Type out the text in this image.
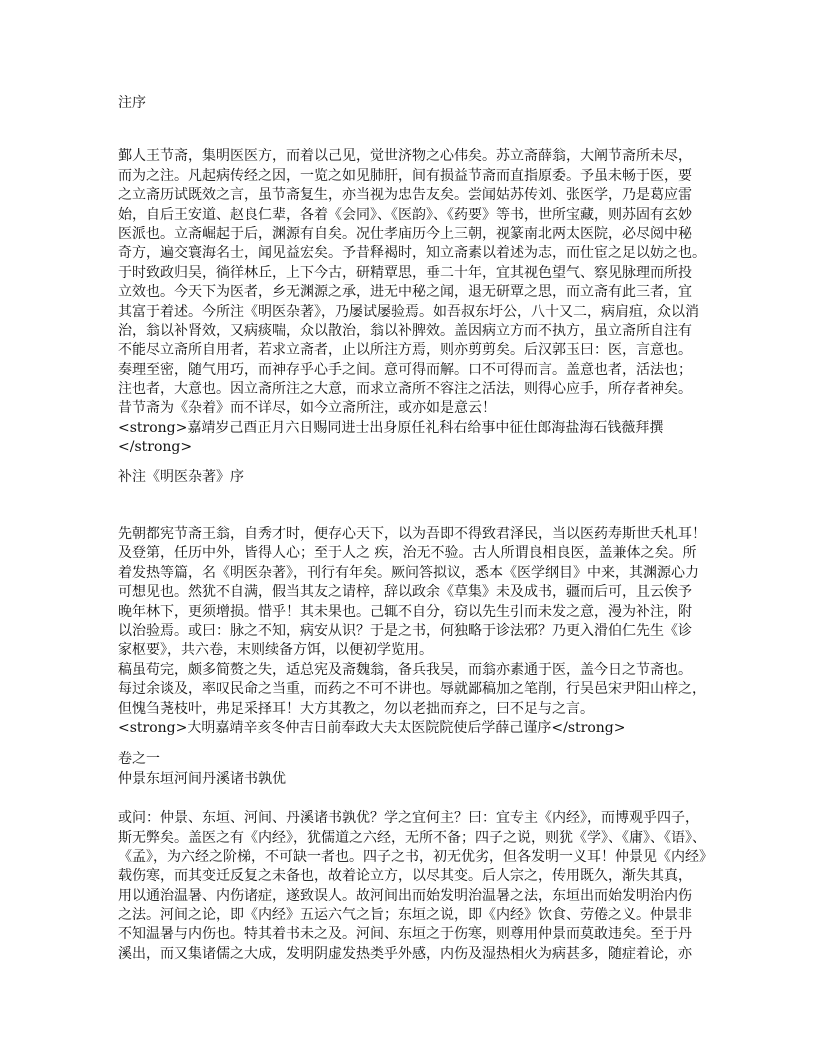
注序
鄞人王节斋，集明医医方，而着以己见，觉世济物之心伟矣。苏立斋薛翁，大阐节斋所未尽，
而为之注。凡起病传经之因，一览之如见肺肝，间有损益节斋而直指原委。予虽未畅于医，要
之立斋历试既效之言，虽节斋复生，亦当视为忠告友矣。尝闻姑苏传刘、张医学，乃是葛应雷
始，自后王安道、赵良仁辈，各着《会同》、《医韵》、《药要》等书，世所宝藏，则苏固有玄妙
医派也。立斋崛起于后，渊源有自矣。况仕孝庙历今上三朝，视篆南北两太医院，必尽阅中秘
奇方，遍交寰海名士，闻见益宏矣。予昔释褐时，知立斋素以着述为志，而仕宦之足以妨之也。
于时致政归吴，徜徉林丘，上下今古，研精覃思，垂二十年，宜其视色望气、察见脉理而所投
立效也。今天下为医者，乡无渊源之承，进无中秘之闻，退无研覃之思，而立斋有此三者，宜
其富于着述。今所注《明医杂著》，乃屡试屡验焉。如吾叔东圩公，八十又二，病肩疽，众以消
治，翁以补肾效，又病痰喘，众以散治，翁以补脾效。盖因病立方而不执方，虽立斋所自注有
不能尽立斋所自用者，若求立斋者，止以所注方焉，则亦剪剪矣。后汉郭玉曰：医，言意也。
奏理至密，随气用巧，而神存乎心手之间。意可得而解。口不可得而言。盖意也者，活法也；
注也者，大意也。因立斋所注之大意，而求立斋所不容注之活法，则得心应手，所存者神矣。
昔节斋为《杂着》而不详尽，如今立斋所注，或亦如是意云！
<strong>嘉靖岁己酉正月六日赐同进士出身原任礼科右给事中征仕郎海盐海石钱薇拜撰
</strong>
补注《明医杂著》序
先朝都宪节斋王翁，自秀才时，便存心天下，以为吾即不得致君泽民，当以医药寿斯世夭札耳！
及登第，任历中外，皆得人心；至于人之 疾，治无不验。古人所谓良相良医，盖兼体之矣。所
着发热等篇，名《明医杂著》，刊行有年矣。厥问答拟议，悉本《医学纲目》中来，其渊源心力
可想见也。然犹不自满，假当其友之请梓，辞以政余《草集》未及成书，疆而后可，且云俟予
晚年林下，更须增损。惜乎！其未果也。己辄不自分，窃以先生引而未发之意，漫为补注，附
以治验焉。或曰：脉之不知，病安从识？于是之书，何独略于诊法邪？乃更入滑伯仁先生《诊
家枢要》，共六卷，末则续备方饵，以便初学览用。
稿虽苟完，颇多简赘之失，适总宪及斋魏翁，备兵我吴，而翁亦素通于医，盖今日之节斋也。
每过余谈及，率叹民命之当重，而药之不可不讲也。辱就鄙稿加之笔削，行吴邑宋尹阳山梓之，
但愧刍荛枝叶，弗足采择耳！大方其教之，勿以老拙而弃之，曰不足与之言。
<strong>大明嘉靖辛亥冬仲吉日前奉政大夫太医院院使后学薛己谨序</strong>
卷之一
仲景东垣河间丹溪诸书孰优
或问：仲景、东垣、河间、丹溪诸书孰优？学之宜何主？曰：宜专主《内经》，而博观乎四子，
斯无弊矣。盖医之有《内经》，犹儒道之六经，无所不备；四子之说，则犹《学》、《庸》、《语》、
《孟》，为六经之阶梯，不可缺一者也。四子之书，初无优劣，但各发明一义耳！仲景见《内经》
载伤寒，而其变迁反复之未备也，故着论立方，以尽其变。后人宗之，传用既久，渐失其真，
用以通治温暑、内伤诸症，遂致误人。故河间出而始发明治温暑之法，东垣出而始发明治内伤
之法。河间之论，即《内经》五运六气之旨；东垣之说，即《内经》饮食、劳倦之义。仲景非
不知温暑与内伤也。特其着书未之及。河间、东垣之于伤寒，则尊用仲景而莫敢违矣。至于丹
溪出，而又集诸儒之大成，发明阴虚发热类乎外感，内伤及湿热相火为病甚多，随症着论，亦
